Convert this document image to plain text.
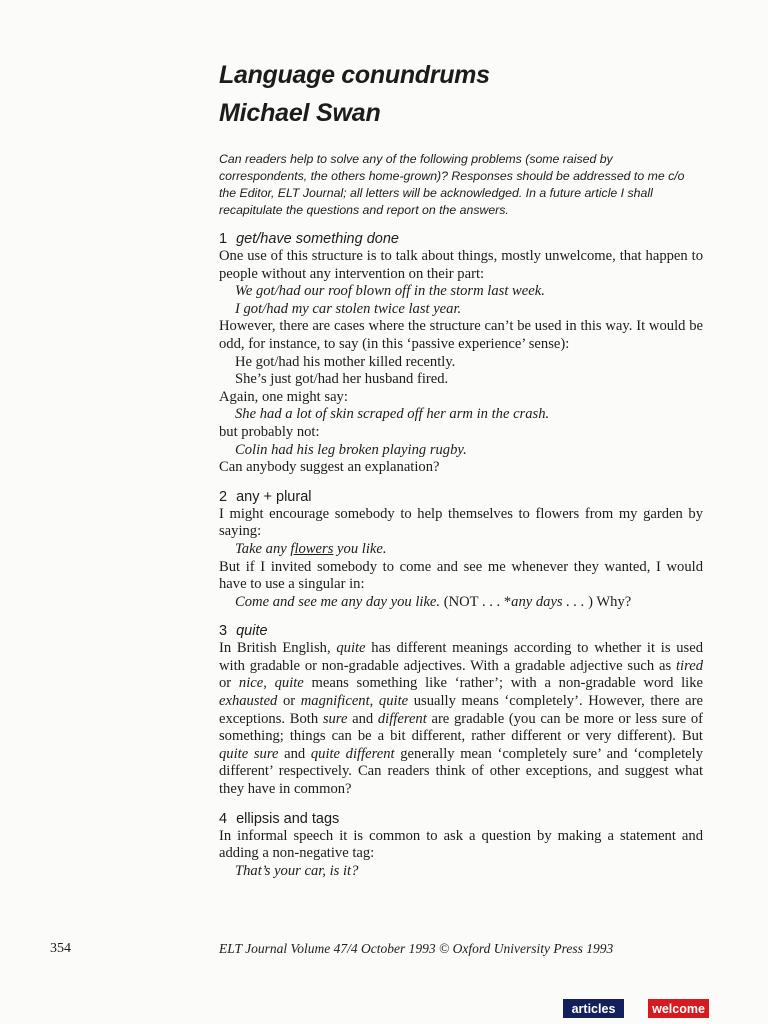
Language conundrums
Michael Swan

Can readers help to solve any of the following problems (some raised by correspondents, the others home-grown)? Responses should be addressed to me c/o the Editor, ELT Journal; all letters will be acknowledged. In a future article I shall recapitulate the questions and report on the answers.

1 get/have something done

One use of this structure is to talk about things, mostly unwelcome, that happen to people without any intervention on their part:

We got/had our roof blown off in the storm last week.

I got/had my car stolen twice last year.

However, there are cases where the structure can’t be used in this way. It would be odd, for instance, to say (in this ‘passive experience’ sense):

He got/had his mother killed recently.

She’s just got/had her husband fired.

Again, one might say:

She had a lot of skin scraped off her arm in the crash.

but probably not:

Colin had his leg broken playing rugby.

Can anybody suggest an explanation?

2 any + plural

I might encourage somebody to help themselves to flowers from my garden by saying:

Take any flowers you like.

But if I invited somebody to come and see me whenever they wanted, I would have to use a singular in:

Come and see me any day you like. (NOT . . . *any days . . . ) Why?

3 quite

In British English, quite has different meanings according to whether it is used with gradable or non-gradable adjectives. With a gradable adjective such as tired or nice, quite means something like ‘rather’; with a non-gradable word like exhausted or magnificent, quite usually means ‘completely’. However, there are exceptions. Both sure and different are gradable (you can be more or less sure of something; things can be a bit different, rather different or very different). But quite sure and quite different generally mean ‘completely sure’ and ‘completely different’ respectively. Can readers think of other exceptions, and suggest what they have in common?

4 ellipsis and tags

In informal speech it is common to ask a question by making a statement and adding a non-negative tag:

That’s your car, is it?

354	ELT Journal Volume 47/4 October 1993 © Oxford University Press 1993
articles	welcome
